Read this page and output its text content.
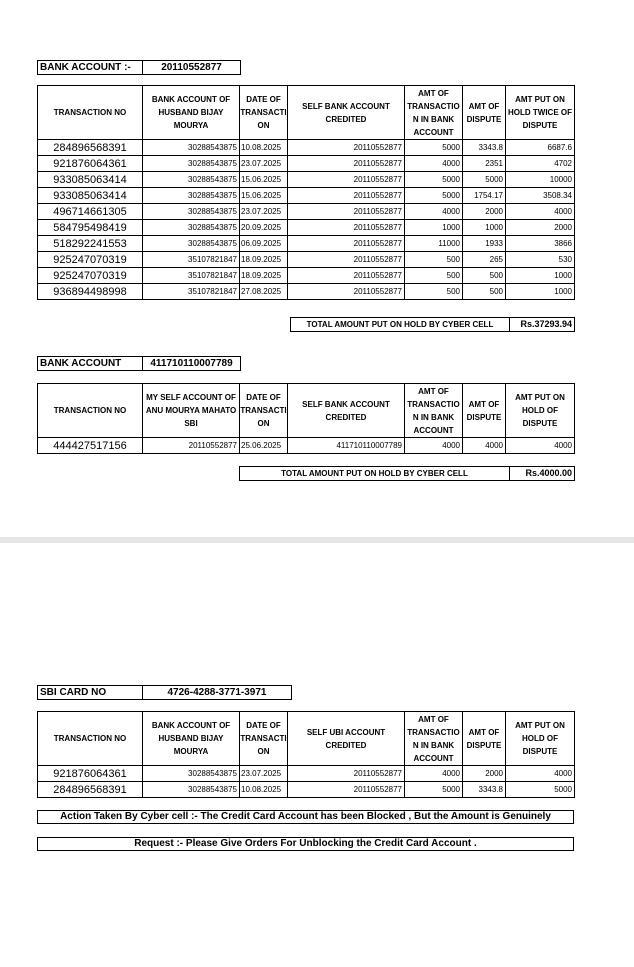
BANK ACCOUNT :-	20110552877
TRANSACTION NO	BANK ACCOUNT OF HUSBAND BIJAY MOURYA	DATE OF TRANSACTI ON	SELF BANK ACCOUNT CREDITED	AMT OF TRANSACTIO N IN BANK ACCOUNT	AMT OF DISPUTE	AMT PUT ON HOLD TWICE OF DISPUTE
284896568391	30288543875	10.08.2025	20110552877	5000	3343.8	6687.6
921876064361	30288543875	23.07.2025	20110552877	4000	2351	4702
933085063414	30288543875	15.06.2025	20110552877	5000	5000	10000
933085063414	30288543875	15.06.2025	20110552877	5000	1754.17	3508.34
496714661305	30288543875	23.07.2025	20110552877	4000	2000	4000
584795498419	30288543875	20.09.2025	20110552877	1000	1000	2000
518292241553	30288543875	06.09.2025	20110552877	11000	1933	3866
925247070319	35107821847	18.09.2025	20110552877	500	265	530
925247070319	35107821847	18.09.2025	20110552877	500	500	1000
936894498998	35107821847	27.08.2025	20110552877	500	500	1000
TOTAL AMOUNT PUT ON HOLD BY CYBER CELL	Rs.37293.94
BANK ACCOUNT	411710110007789
TRANSACTION NO	MY SELF ACCOUNT OF ANU MOURYA MAHATO SBI	DATE OF TRANSACTI ON	SELF BANK ACCOUNT CREDITED	AMT OF TRANSACTIO N IN BANK ACCOUNT	AMT OF DISPUTE	AMT PUT ON HOLD OF DISPUTE
444427517156	20110552877	25.06.2025	411710110007789	4000	4000	4000
TOTAL AMOUNT PUT ON HOLD BY CYBER CELL	Rs.4000.00
SBI CARD NO	4726-4288-3771-3971
TRANSACTION NO	BANK ACCOUNT OF HUSBAND BIJAY MOURYA	DATE OF TRANSACTI ON	SELF UBI ACCOUNT CREDITED	AMT OF TRANSACTIO N IN BANK ACCOUNT	AMT OF DISPUTE	AMT PUT ON HOLD OF DISPUTE
921876064361	30288543875	23.07.2025	20110552877	4000	2000	4000
284896568391	30288543875	10.08.2025	20110552877	5000	3343.8	5000
Action Taken By Cyber cell :- The Credit Card Account has been Blocked , But the Amount is Genuinely
Request :- Please Give Orders For Unblocking the Credit Card Account .
